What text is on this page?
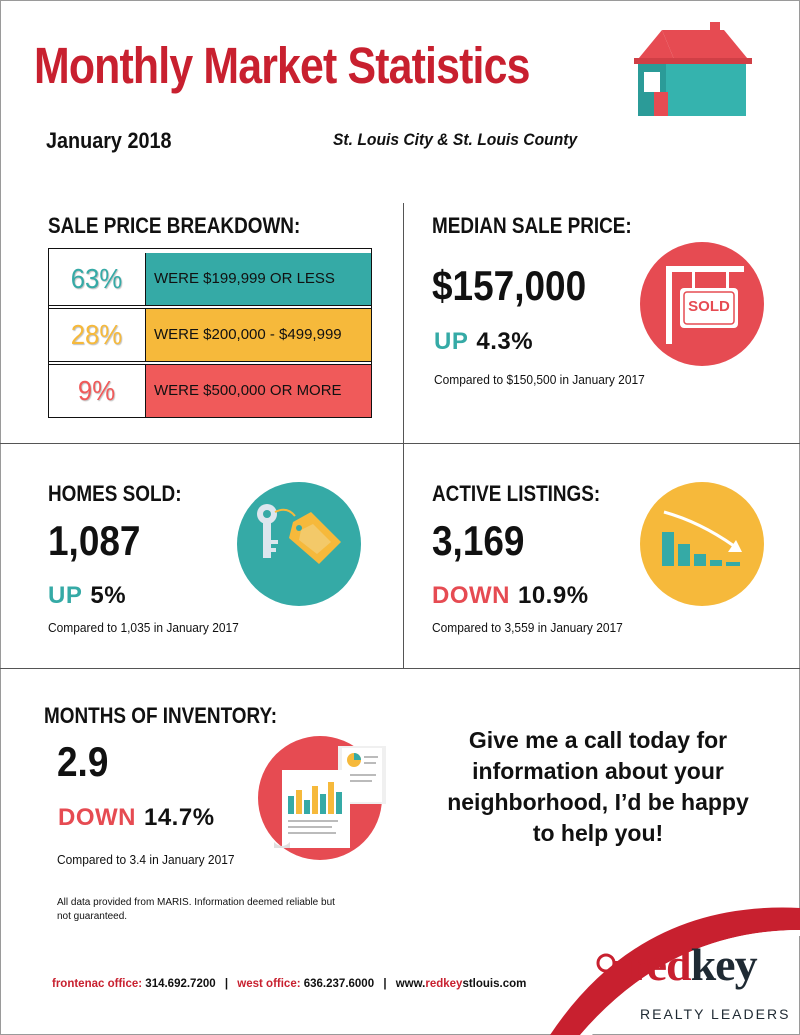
Monthly Market Statistics
January 2018	St. Louis City & St. Louis County
SALE PRICE BREAKDOWN:
63%	WERE $199,999 OR LESS
28%	WERE $200,000 - $499,999
9%	WERE $500,000 OR MORE
MEDIAN SALE PRICE:
$157,000
UP 4.3%
Compared to $150,500 in January 2017
SOLD
HOMES SOLD:
1,087
UP 5%
Compared to 1,035 in January 2017
ACTIVE LISTINGS:
3,169
DOWN 10.9%
Compared to 3,559 in January 2017
MONTHS OF INVENTORY:
2.9
DOWN 14.7%
Compared to 3.4 in January 2017
Give me a call today for information about your neighborhood, I’d be happy to help you!
All data provided from MARIS. Information deemed reliable but not guaranteed.
redkey
REALTY LEADERS
frontenac office: 314.692.7200 | west office: 636.237.6000 | www.redkeystlouis.com
